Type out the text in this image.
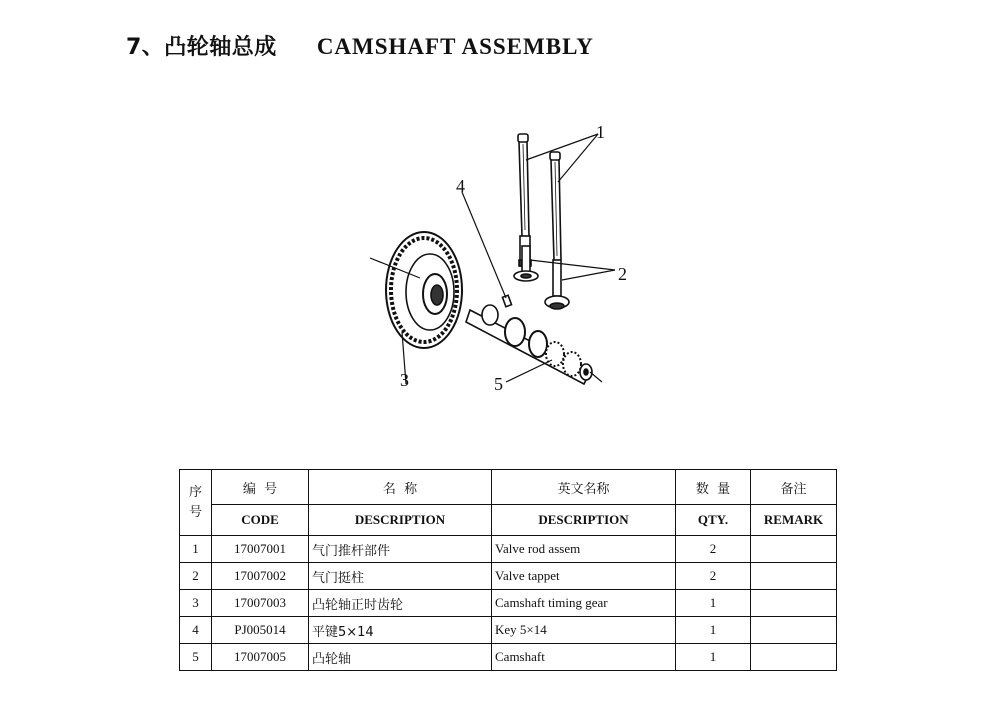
7、凸轮轴总成 CAMSHAFT ASSEMBLY
1
2
3
4
5
序号	编  号	名  称	英文名称	数  量	备注
	CODE	DESCRIPTION	DESCRIPTION	QTY.	REMARK
1	17007001	气门推杆部件	Valve rod assem	2	
2	17007002	气门挺柱	Valve tappet	2	
3	17007003	凸轮轴正时齿轮	Camshaft timing gear	1	
4	PJ005014	平键5×14	Key 5×14	1	
5	17007005	凸轮轴	Camshaft	1	
